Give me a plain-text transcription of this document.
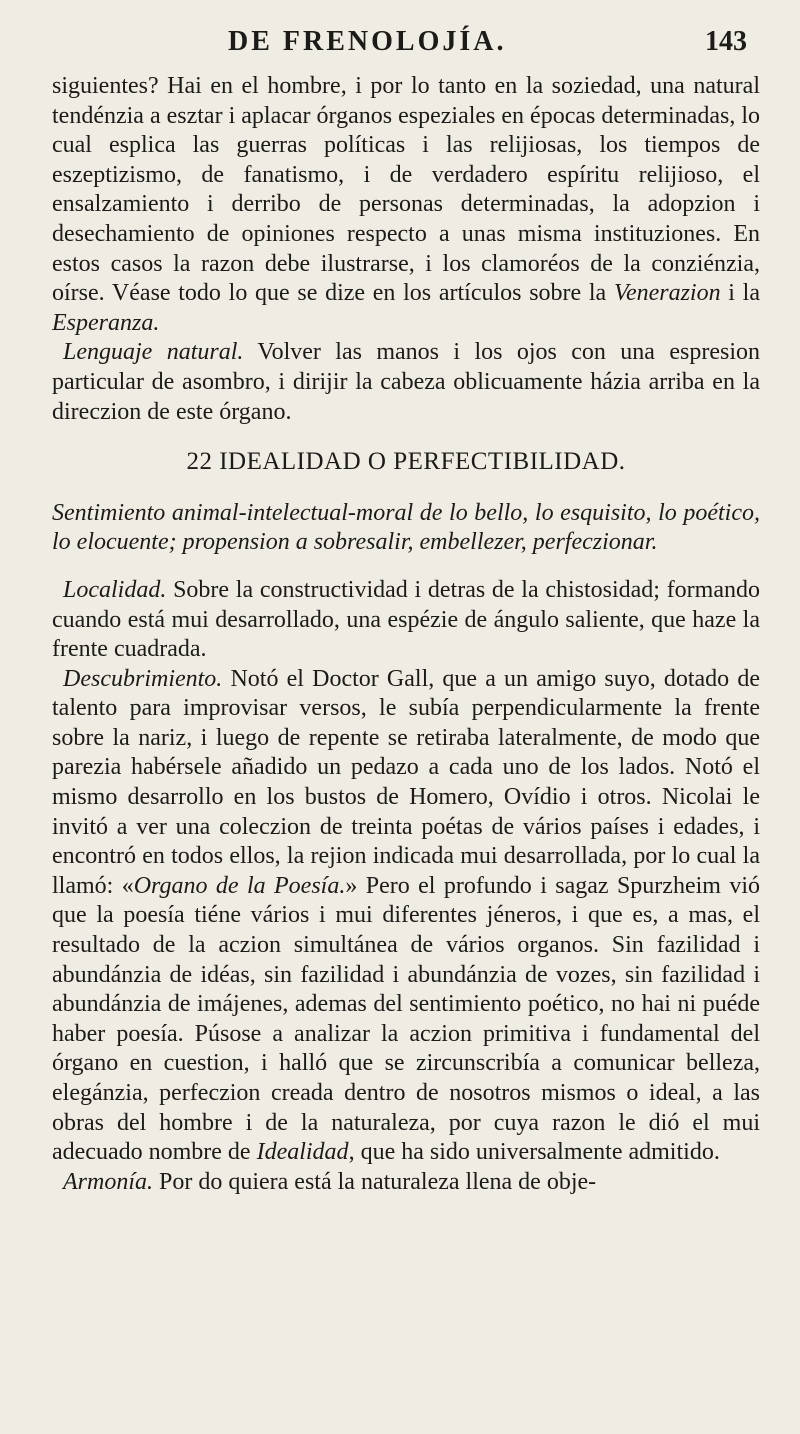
DE FRENOLOJÍA.	143

siguientes? Hai en el hombre, i por lo tanto en la soziedad, una natural tendénzia a esztar i aplacar órganos espeziales en épocas determinadas, lo cual esplica las guerras políticas i las relijiosas, los tiempos de eszeptizismo, de fanatismo, i de verdadero espíritu relijioso, el ensalzamiento i derribo de personas determinadas, la adopzion i desechamiento de opiniones respecto a unas misma instituziones. En estos casos la razon debe ilustrarse, i los clamoréos de la conziénzia, oírse. Véase todo lo que se dize en los artículos sobre la Venerazion i la Esperanza.

Lenguaje natural. Volver las manos i los ojos con una espresion particular de asombro, i dirijir la cabeza oblicuamente házia arriba en la direczion de este órgano.

22 IDEALIDAD O PERFECTIBILIDAD.

Sentimiento animal-intelectual-moral de lo bello, lo esquisito, lo poético, lo elocuente; propension a sobresalir, embellezer, perfeczionar.

Localidad. Sobre la constructividad i detras de la chistosidad; formando cuando está mui desarrollado, una espézie de ángulo saliente, que haze la frente cuadrada.

Descubrimiento. Notó el Doctor Gall, que a un amigo suyo, dotado de talento para improvisar versos, le subía perpendicularmente la frente sobre la nariz, i luego de repente se retiraba lateralmente, de modo que parezia habérsele añadido un pedazo a cada uno de los lados. Notó el mismo desarrollo en los bustos de Homero, Ovídio i otros. Nicolai le invitó a ver una coleczion de treinta poétas de vários países i edades, i encontró en todos ellos, la rejion indicada mui desarrollada, por lo cual la llamó: «Organo de la Poesía.» Pero el profundo i sagaz Spurzheim vió que la poesía tiéne vários i mui diferentes jéneros, i que es, a mas, el resultado de la aczion simultánea de vários organos. Sin fazilidad i abundánzia de idéas, sin fazilidad i abundánzia de vozes, sin fazilidad i abundánzia de imájenes, ademas del sentimiento poético, no hai ni puéde haber poesía. Púsose a analizar la aczion primitiva i fundamental del órgano en cuestion, i halló que se zircunscribía a comunicar belleza, elegánzia, perfeczion creada dentro de nosotros mismos o ideal, a las obras del hombre i de la naturaleza, por cuya razon le dió el mui adecuado nombre de Idealidad, que ha sido universalmente admitido.

Armonía. Por do quiera está la naturaleza llena de obje-
